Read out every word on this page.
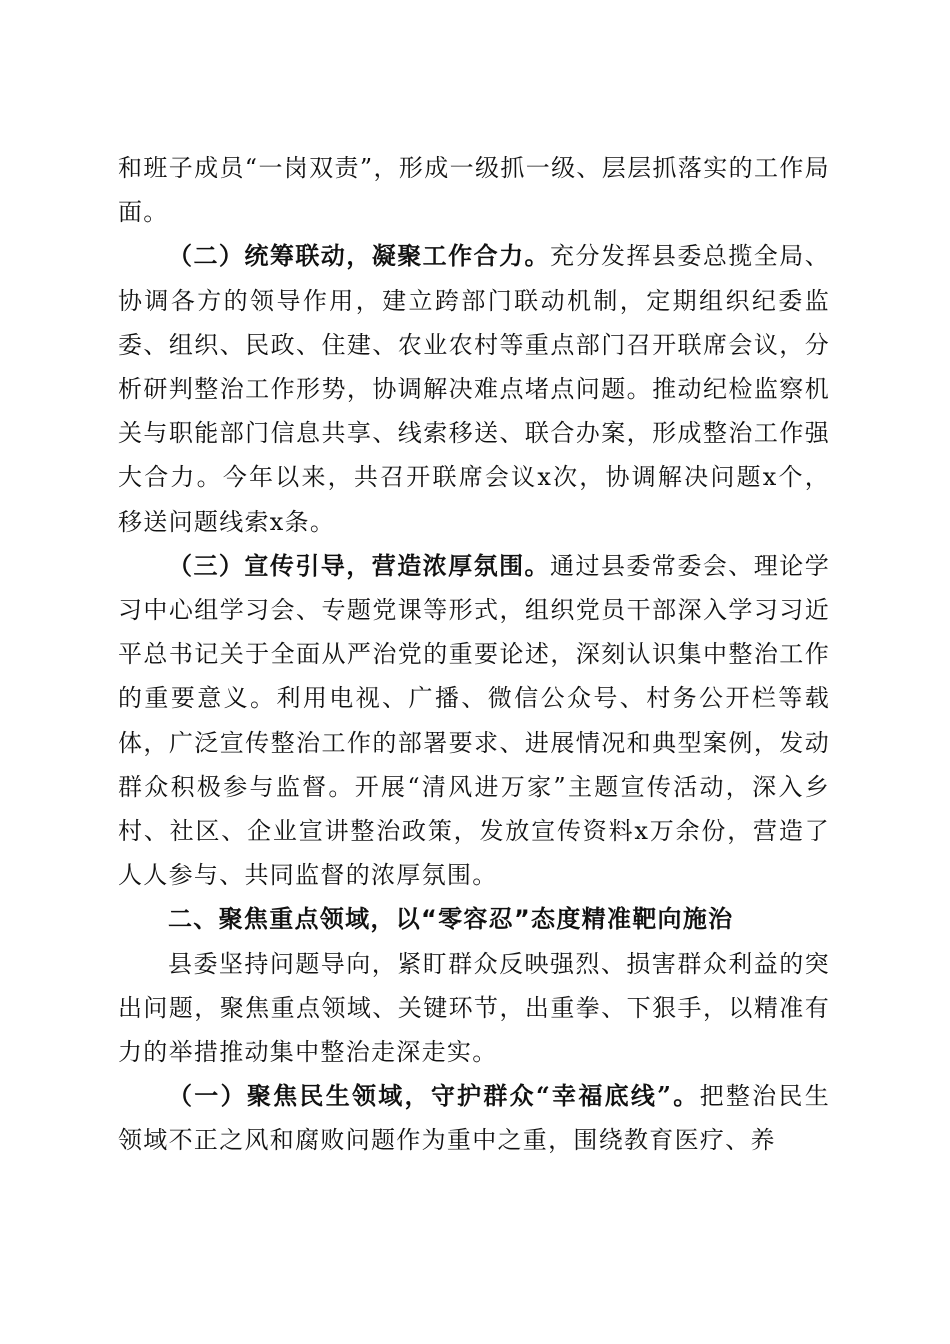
和班子成员“一岗双责”，形成一级抓一级、层层抓落实的工作局面。

（二）统筹联动，凝聚工作合力。充分发挥县委总揽全局、协调各方的领导作用，建立跨部门联动机制，定期组织纪委监委、组织、民政、住建、农业农村等重点部门召开联席会议，分析研判整治工作形势，协调解决难点堵点问题。推动纪检监察机关与职能部门信息共享、线索移送、联合办案，形成整治工作强大合力。今年以来，共召开联席会议x次，协调解决问题x个，移送问题线索x条。

（三）宣传引导，营造浓厚氛围。通过县委常委会、理论学习中心组学习会、专题党课等形式，组织党员干部深入学习习近平总书记关于全面从严治党的重要论述，深刻认识集中整治工作的重要意义。利用电视、广播、微信公众号、村务公开栏等载体，广泛宣传整治工作的部署要求、进展情况和典型案例，发动群众积极参与监督。开展“清风进万家”主题宣传活动，深入乡村、社区、企业宣讲整治政策，发放宣传资料x万余份，营造了人人参与、共同监督的浓厚氛围。

二、聚焦重点领域，以“零容忍”态度精准靶向施治

县委坚持问题导向，紧盯群众反映强烈、损害群众利益的突出问题，聚焦重点领域、关键环节，出重拳、下狠手，以精准有力的举措推动集中整治走深走实。

（一）聚焦民生领域，守护群众“幸福底线”。把整治民生领域不正之风和腐败问题作为重中之重，围绕教育医疗、养
